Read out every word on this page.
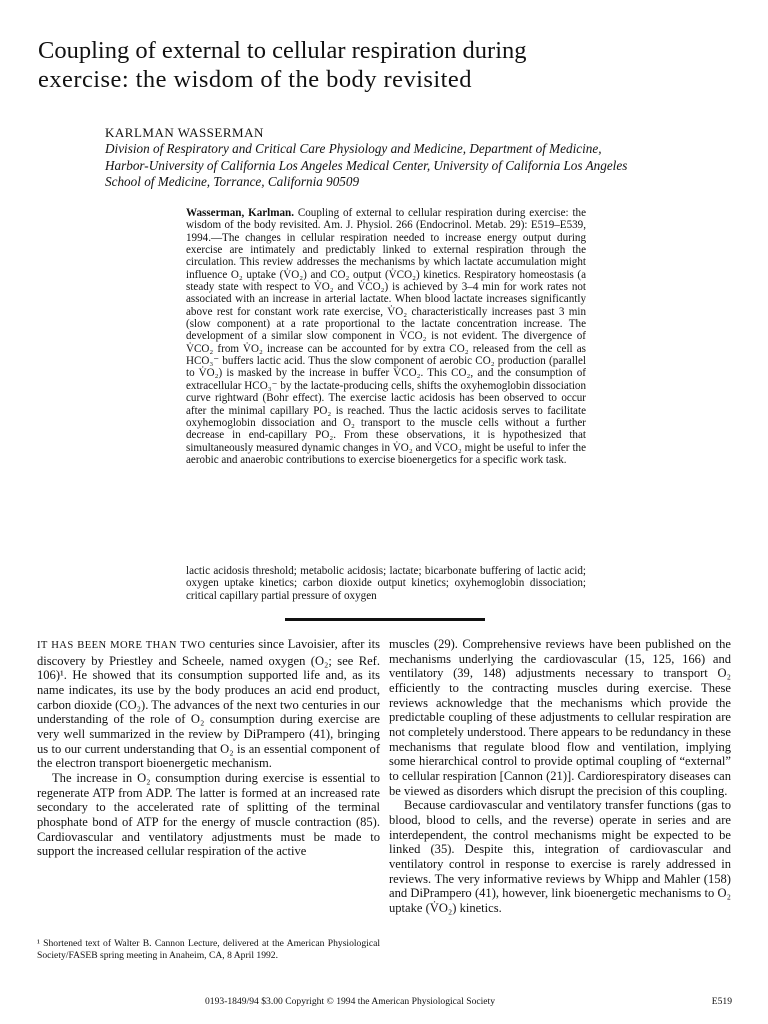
Coupling of external to cellular respiration during
exercise: the wisdom of the body revisited
KARLMAN WASSERMAN
Division of Respiratory and Critical Care Physiology and Medicine, Department of Medicine,
Harbor-University of California Los Angeles Medical Center, University of California Los Angeles
School of Medicine, Torrance, California 90509

Wasserman, Karlman. Coupling of external to cellular respiration during exercise: the wisdom of the body revisited. Am. J. Physiol. 266 (Endocrinol. Metab. 29): E519–E539, 1994.—The changes in cellular respiration needed to increase energy output during exercise are intimately and predictably linked to external respiration through the circulation. This review addresses the mechanisms by which lactate accumulation might influence O₂ uptake (V̇O₂) and CO₂ output (V̇CO₂) kinetics. Respiratory homeostasis (a steady state with respect to V̇O₂ and V̇CO₂) is achieved by 3–4 min for work rates not associated with an increase in arterial lactate. When blood lactate increases significantly above rest for constant work rate exercise, V̇O₂ characteristically increases past 3 min (slow component) at a rate proportional to the lactate concentration increase. The development of a similar slow component in V̇CO₂ is not evident. The divergence of V̇CO₂ from V̇O₂ increase can be accounted for by extra CO₂ released from the cell as HCO₃⁻ buffers lactic acid. Thus the slow component of aerobic CO₂ production (parallel to V̇O₂) is masked by the increase in buffer V̇CO₂. This CO₂, and the consumption of extracellular HCO₃⁻ by the lactate-producing cells, shifts the oxyhemoglobin dissociation curve rightward (Bohr effect). The exercise lactic acidosis has been observed to occur after the minimal capillary PO₂ is reached. Thus the lactic acidosis serves to facilitate oxyhemoglobin dissociation and O₂ transport to the muscle cells without a further decrease in end-capillary PO₂. From these observations, it is hypothesized that simultaneously measured dynamic changes in V̇O₂ and V̇CO₂ might be useful to infer the aerobic and anaerobic contributions to exercise bioenergetics for a specific work task.

lactic acidosis threshold; metabolic acidosis; lactate; bicarbonate buffering of lactic acid; oxygen uptake kinetics; carbon dioxide output kinetics; oxyhemoglobin dissociation; critical capillary partial pressure of oxygen

IT HAS BEEN MORE THAN TWO centuries since Lavoisier, after its discovery by Priestley and Scheele, named oxygen (O₂; see Ref. 106)¹. He showed that its consumption supported life and, as its name indicates, its use by the body produces an acid end product, carbon dioxide (CO₂). The advances of the next two centuries in our understanding of the role of O₂ consumption during exercise are very well summarized in the review by DiPrampero (41), bringing us to our current understanding that O₂ is an essential component of the electron transport bioenergetic mechanism.

The increase in O₂ consumption during exercise is essential to regenerate ATP from ADP. The latter is formed at an increased rate secondary to the accelerated rate of splitting of the terminal phosphate bond of ATP for the energy of muscle contraction (85). Cardiovascular and ventilatory adjustments must be made to support the increased cellular respiration of the active

muscles (29). Comprehensive reviews have been published on the mechanisms underlying the cardiovascular (15, 125, 166) and ventilatory (39, 148) adjustments necessary to transport O₂ efficiently to the contracting muscles during exercise. These reviews acknowledge that the mechanisms which provide the predictable coupling of these adjustments to cellular respiration are not completely understood. There appears to be redundancy in these mechanisms that regulate blood flow and ventilation, implying some hierarchical control to provide optimal coupling of “external” to cellular respiration [Cannon (21)]. Cardiorespiratory diseases can be viewed as disorders which disrupt the precision of this coupling.

Because cardiovascular and ventilatory transfer functions (gas to blood, blood to cells, and the reverse) operate in series and are interdependent, the control mechanisms might be expected to be linked (35). Despite this, integration of cardiovascular and ventilatory control in response to exercise is rarely addressed in reviews. The very informative reviews by Whipp and Mahler (158) and DiPrampero (41), however, link bioenergetic mechanisms to O₂ uptake (V̇O₂) kinetics.

¹ Shortened text of Walter B. Cannon Lecture, delivered at the American Physiological Society/FASEB spring meeting in Anaheim, CA, 8 April 1992.
0193-1849/94 $3.00 Copyright © 1994 the American Physiological Society	E519
